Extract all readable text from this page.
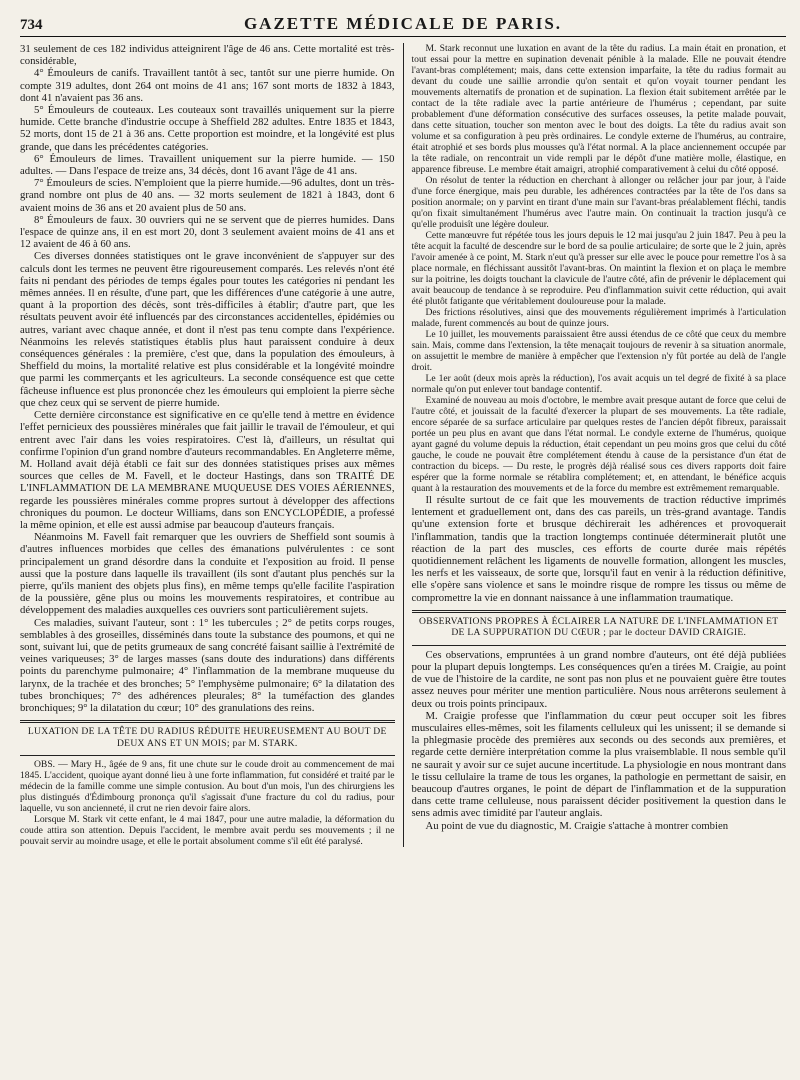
734	GAZETTE MÉDICALE DE PARIS.

31 seulement de ces 182 individus atteignirent l'âge de 46 ans. Cette mortalité est très-considérable,

4° Émouleurs de canifs. Travaillent tantôt à sec, tantôt sur une pierre humide. On compte 319 adultes, dont 264 ont moins de 41 ans; 167 sont morts de 1832 à 1843, dont 41 n'avaient pas 36 ans.

5° Émouleurs de couteaux. Les couteaux sont travaillés uniquement sur la pierre humide. Cette branche d'industrie occupe à Sheffield 282 adultes. Entre 1835 et 1843, 52 morts, dont 15 de 21 à 36 ans. Cette proportion est moindre, et la longévité est plus grande, que dans les précédentes catégories.

6° Émouleurs de limes. Travaillent uniquement sur la pierre humide. — 150 adultes. — Dans l'espace de treize ans, 34 décès, dont 16 avant l'âge de 41 ans.

7° Émouleurs de scies. N'emploient que la pierre humide.—96 adultes, dont un très-grand nombre ont plus de 40 ans. — 32 morts seulement de 1821 à 1843, dont 6 avaient moins de 36 ans et 20 avaient plus de 50 ans.

8° Émouleurs de faux. 30 ouvriers qui ne se servent que de pierres humides. Dans l'espace de quinze ans, il en est mort 20, dont 3 seulement avaient moins de 41 ans et 12 avaient de 46 à 60 ans.

Ces diverses données statistiques ont le grave inconvénient de s'appuyer sur des calculs dont les termes ne peuvent être rigoureusement comparés. Les relevés n'ont été faits ni pendant des périodes de temps égales pour toutes les catégories ni pendant les mêmes années. Il en résulte, d'une part, que les différences d'une catégorie à une autre, quant à la proportion des décès, sont très-difficiles à établir; d'autre part, que les résultats peuvent avoir été influencés par des circonstances accidentelles, épidémies ou autres, variant avec chaque année, et dont il n'est pas tenu compte dans l'expérience. Néanmoins les relevés statistiques établis plus haut paraissent conduire à deux conséquences générales : la première, c'est que, dans la population des émouleurs, à Sheffield du moins, la mortalité relative est plus considérable et la longévité moindre que parmi les commerçants et les agriculteurs. La seconde conséquence est que cette fâcheuse influence est plus prononcée chez les émouleurs qui emploient la pierre sèche que chez ceux qui se servent de pierre humide.

Cette dernière circonstance est significative en ce qu'elle tend à mettre en évidence l'effet pernicieux des poussières minérales que fait jaillir le travail de l'émouleur, et qui entrent avec l'air dans les voies respiratoires. C'est là, d'ailleurs, un résultat qui confirme l'opinion d'un grand nombre d'auteurs recommandables. En Angleterre même, M. Holland avait déjà établi ce fait sur des données statistiques prises aux mêmes sources que celles de M. Favell, et le docteur Hastings, dans son TRAITÉ DE L'INFLAMMATION DE LA MEMBRANE MUQUEUSE DES VOIES AÉRIENNES, regarde les poussières minérales comme propres surtout à développer des affections chroniques du poumon. Le docteur Williams, dans son ENCYCLOPÉDIE, a professé la même opinion, et elle est aussi admise par beaucoup d'auteurs français.

Néanmoins M. Favell fait remarquer que les ouvriers de Sheffield sont soumis à d'autres influences morbides que celles des émanations pulvérulentes : ce sont principalement un grand désordre dans la conduite et l'exposition au froid. Il pense aussi que la posture dans laquelle ils travaillent (ils sont d'autant plus penchés sur la pierre, qu'ils manient des objets plus fins), en même temps qu'elle facilite l'aspiration de la poussière, gêne plus ou moins les mouvements respiratoires, et contribue au développement des maladies auxquelles ces ouvriers sont particulièrement sujets.

Ces maladies, suivant l'auteur, sont : 1° les tubercules ; 2° de petits corps rouges, semblables à des groseilles, disséminés dans toute la substance des poumons, et qui ne sont, suivant lui, que de petits grumeaux de sang concrété faisant saillie à l'extrémité de veines variqueuses; 3° de larges masses (sans doute des indurations) dans différents points du parenchyme pulmonaire; 4° l'inflammation de la membrane muqueuse du larynx, de la trachée et des bronches; 5° l'emphysème pulmonaire; 6° la dilatation des tubes bronchiques; 7° des adhérences pleurales; 8° la tuméfaction des glandes bronchiques; 9° la dilatation du cœur; 10° des granulations des reins.

LUXATION DE LA TÊTE DU RADIUS RÉDUITE HEUREUSEMENT AU BOUT DE DEUX ANS ET UN MOIS; par M. STARK.

OBS. — Mary H., âgée de 9 ans, fit une chute sur le coude droit au commencement de mai 1845. L'accident, quoique ayant donné lieu à une forte inflammation, fut considéré et traité par le médecin de la famille comme une simple contusion. Au bout d'un mois, l'un des chirurgiens les plus distingués d'Édimbourg prononça qu'il s'agissait d'une fracture du col du radius, pour laquelle, vu son ancienneté, il crut ne rien devoir faire alors.

Lorsque M. Stark vit cette enfant, le 4 mai 1847, pour une autre maladie, la déformation du coude attira son attention. Depuis l'accident, le membre avait perdu ses mouvements ; il ne pouvait servir au moindre usage, et elle le portait absolument comme s'il eût été paralysé.

M. Stark reconnut une luxation en avant de la tête du radius. La main était en pronation, et tout essai pour la mettre en supination devenait pénible à la malade. Elle ne pouvait étendre l'avant-bras complétement; mais, dans cette extension imparfaite, la tête du radius formait au devant du coude une saillie arrondie qu'on sentait et qu'on voyait tourner pendant les mouvements alternatifs de pronation et de supination. La flexion était subitement arrêtée par le contact de la tête radiale avec la partie antérieure de l'humérus ; cependant, par suite probablement d'une déformation consécutive des surfaces osseuses, la petite malade pouvait, dans cette situation, toucher son menton avec le bout des doigts. La tête du radius avait son volume et sa configuration à peu près ordinaires. Le condyle externe de l'humérus, au contraire, était atrophié et ses bords plus mousses qu'à l'état normal. A la place anciennement occupée par la tête radiale, on rencontrait un vide rempli par le dépôt d'une matière molle, élastique, en apparence fibreuse. Le membre était amaigri, atrophié comparativement à celui du côté opposé.

On résolut de tenter la réduction en cherchant à allonger ou relâcher jour par jour, à l'aide d'une force énergique, mais peu durable, les adhérences contractées par la tête de l'os dans sa position anormale; on y parvint en tirant d'une main sur l'avant-bras préalablement fléchi, tandis qu'on fixait simultanément l'humérus avec l'autre main. On continuait la traction jusqu'à ce qu'elle produisît une légère douleur.

Cette manœuvre fut répétée tous les jours depuis le 12 mai jusqu'au 2 juin 1847. Peu à peu la tête acquit la faculté de descendre sur le bord de sa poulie articulaire; de sorte que le 2 juin, après l'avoir amenée à ce point, M. Stark n'eut qu'à presser sur elle avec le pouce pour remettre l'os à sa place normale, en fléchissant aussitôt l'avant-bras. On maintint la flexion et on plaça le membre sur la poitrine, les doigts touchant la clavicule de l'autre côté, afin de prévenir le déplacement qui avait beaucoup de tendance à se reproduire. Peu d'inflammation suivit cette réduction, qui avait été plutôt fatigante que véritablement douloureuse pour la malade.

Des frictions résolutives, ainsi que des mouvements régulièrement imprimés à l'articulation malade, furent commencés au bout de quinze jours.

Le 10 juillet, les mouvements paraissaient être aussi étendus de ce côté que ceux du membre sain. Mais, comme dans l'extension, la tête menaçait toujours de revenir à sa situation anormale, on assujettit le membre de manière à empêcher que l'extension n'y fût portée au delà de l'angle droit.

Le 1er août (deux mois après la réduction), l'os avait acquis un tel degré de fixité à sa place normale qu'on put enlever tout bandage contentif.

Examiné de nouveau au mois d'octobre, le membre avait presque autant de force que celui de l'autre côté, et jouissait de la faculté d'exercer la plupart de ses mouvements. La tête radiale, encore séparée de sa surface articulaire par quelques restes de l'ancien dépôt fibreux, paraissait portée un peu plus en avant que dans l'état normal. Le condyle externe de l'humérus, quoique ayant gagné du volume depuis la réduction, était cependant un peu moins gros que celui du côté gauche, le coude ne pouvait être complétement étendu à cause de la persistance d'un état de contraction du biceps. — Du reste, le progrès déjà réalisé sous ces divers rapports doit faire espérer que la forme normale se rétablira complétement; et, en attendant, le bénéfice acquis quant à la restauration des mouvements et de la force du membre est extrêmement remarquable.

Il résulte surtout de ce fait que les mouvements de traction réductive imprimés lentement et graduellement ont, dans des cas pareils, un très-grand avantage. Tandis qu'une extension forte et brusque déchirerait les adhérences et provoquerait l'inflammation, tandis que la traction longtemps continuée déterminerait plutôt une réaction de la part des muscles, ces efforts de courte durée mais répétés quotidiennement relâchent les ligaments de nouvelle formation, allongent les muscles, les nerfs et les vaisseaux, de sorte que, lorsqu'il faut en venir à la réduction définitive, elle s'opère sans violence et sans le moindre risque de rompre les tissus ou même de compromettre la vie en donnant naissance à une inflammation traumatique.

OBSERVATIONS PROPRES À ÉCLAIRER LA NATURE DE L'INFLAMMATION ET DE LA SUPPURATION DU CŒUR ; par le docteur DAVID CRAIGIE.

Ces observations, empruntées à un grand nombre d'auteurs, ont été déjà publiées pour la plupart depuis longtemps. Les conséquences qu'en a tirées M. Craigie, au point de vue de l'histoire de la cardite, ne sont pas non plus et ne pouvaient guère être toutes assez neuves pour mériter une mention particulière. Nous nous arrêterons seulement à deux ou trois points principaux.

M. Craigie professe que l'inflammation du cœur peut occuper soit les fibres musculaires elles-mêmes, soit les filaments celluleux qui les unissent; il se demande si la phlegmasie procède des premières aux seconds ou des seconds aux premières, et regarde cette dernière interprétation comme la plus vraisemblable. Il nous semble qu'il ne saurait y avoir sur ce sujet aucune incertitude. La physiologie en nous montrant dans le tissu cellulaire la trame de tous les organes, la pathologie en permettant de saisir, en beaucoup d'autres organes, le point de départ de l'inflammation et de la suppuration dans cette trame celluleuse, nous paraissent décider positivement la question dans le sens admis avec timidité par l'auteur anglais.

Au point de vue du diagnostic, M. Craigie s'attache à montrer combien
